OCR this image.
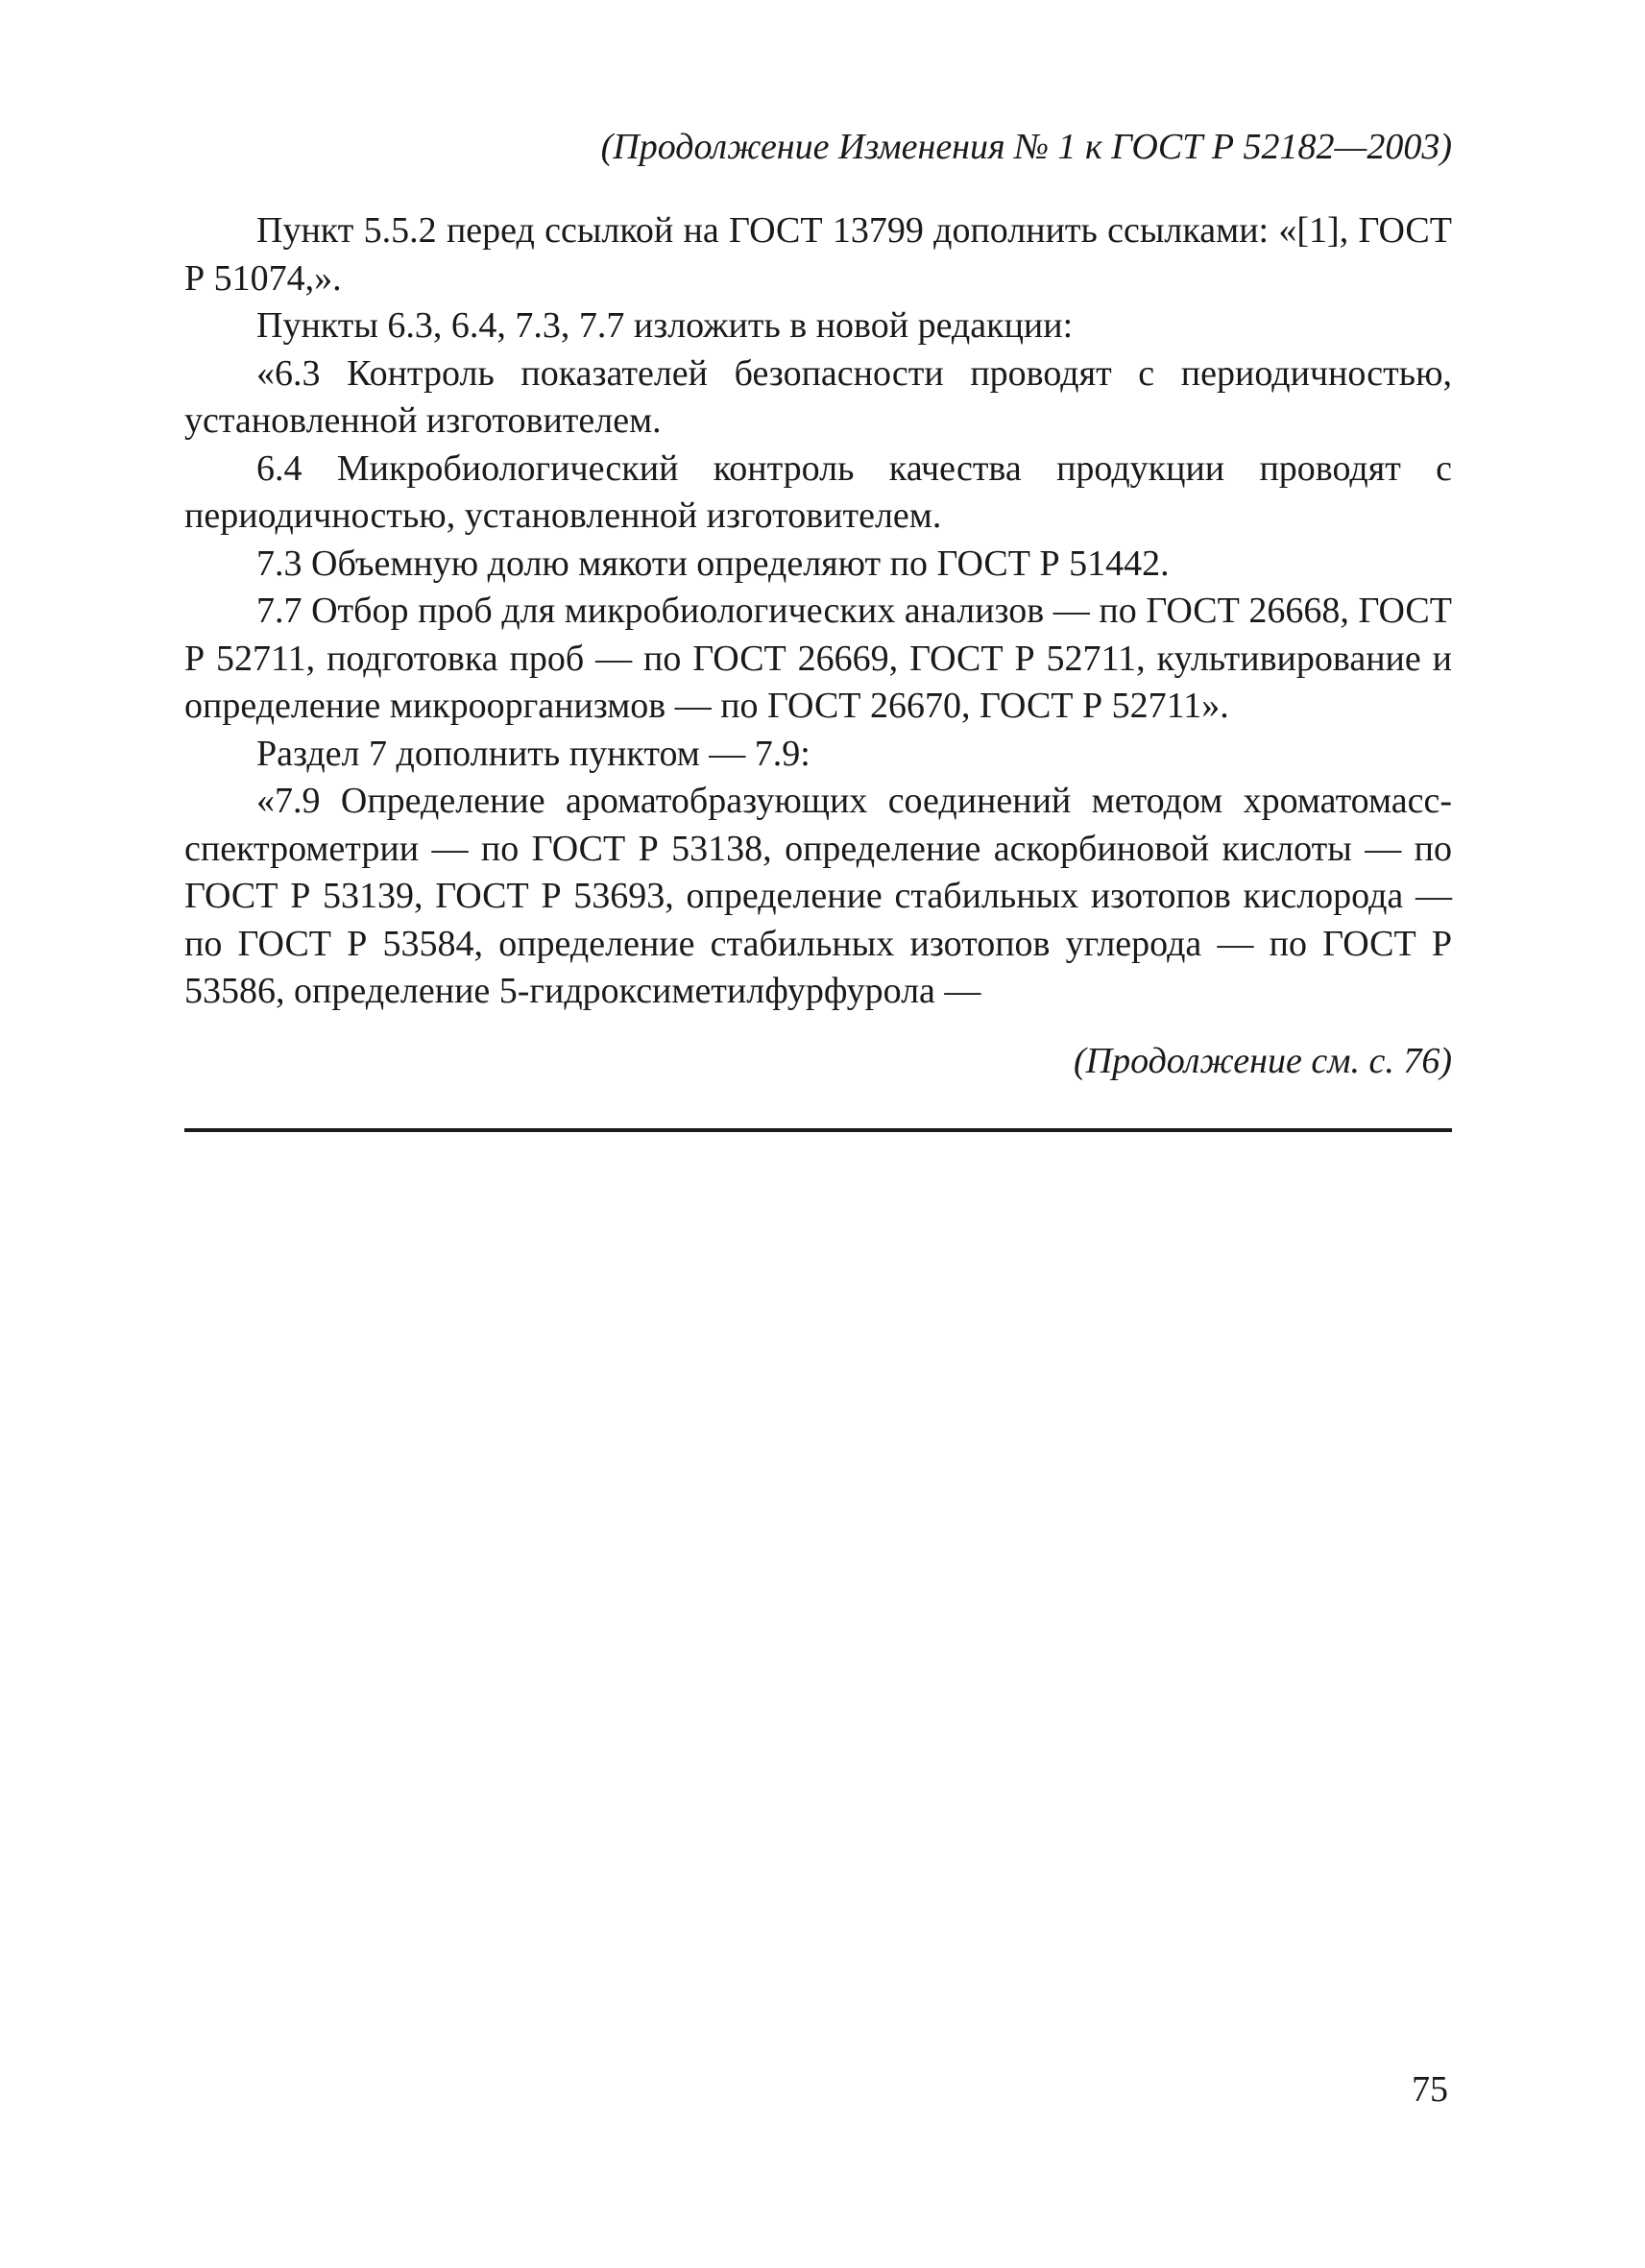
(Продолжение Изменения № 1 к ГОСТ Р 52182—2003)

Пункт 5.5.2 перед ссылкой на ГОСТ 13799 дополнить ссылками: «[1], ГОСТ Р 51074,».

Пункты 6.3, 6.4, 7.3, 7.7 изложить в новой редакции:

«6.3 Контроль показателей безопасности проводят с периодичностью, установленной изготовителем.

6.4 Микробиологический контроль качества продукции проводят с периодичностью, установленной изготовителем.

7.3 Объемную долю мякоти определяют по ГОСТ Р 51442.

7.7 Отбор проб для микробиологических анализов — по ГОСТ 26668, ГОСТ Р 52711, подготовка проб — по ГОСТ 26669, ГОСТ Р 52711, культивирование и определение микроорганизмов — по ГОСТ 26670, ГОСТ Р 52711».

Раздел 7 дополнить пунктом — 7.9:

«7.9 Определение ароматобразующих соединений методом хроматомасс-спектрометрии — по ГОСТ Р 53138, определение аскорбиновой кислоты — по ГОСТ Р 53139, ГОСТ Р 53693, определение стабильных изотопов кислорода — по ГОСТ Р 53584, определение стабильных изотопов углерода — по ГОСТ Р 53586, определение 5-гидроксиметилфурфурола —

(Продолжение см. с. 76)
75
